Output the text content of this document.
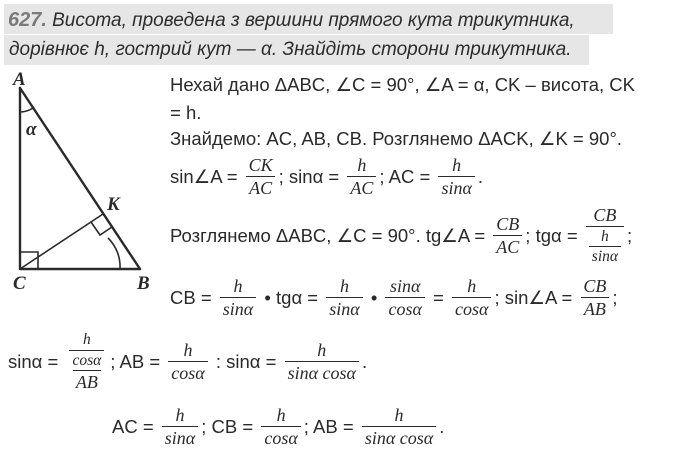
627. Висота, проведена з вершини прямого кута трикутника,
дорівнює h, гострий кут — α. Знайдіть сторони трикутника.
A
α
K
C	B
Нехай дано ΔABC, ∠C = 90°, ∠A = α, CK – висота, CK
= h.
Знайдемо: AC, AB, CB. Розглянемо ΔACK, ∠K = 90°.
sin∠A = $\frac{CK}{AC}$ ; $\sin\alpha = \frac{h}{AC}$ ; AC = $\frac{h}{\sin\alpha}$ .
Розглянемо ΔABC, ∠C = 90°. tg∠A = $\frac{CB}{AC}$ ; $tg\alpha = \frac{CB}{\frac{h}{\sin\alpha}}$ ;
CB = $\frac{h}{\sin\alpha}$ • $tg\alpha = \frac{h}{\sin\alpha}$ • $\frac{\sin\alpha}{\cos\alpha} = \frac{h}{\cos\alpha}$ ; sin∠A = $\frac{CB}{AB}$ ;
$\sin\alpha = \frac{\frac{h}{\cos\alpha}}{AB}$ ; AB = $\frac{h}{\cos\alpha}$ : $\sin\alpha = \frac{h}{\text{sinα cosα}}$ .
AC = $\frac{h}{\sin\alpha}$ ; CB = $\frac{h}{\cos\alpha}$ ; AB = $\frac{h}{\text{sinα cosα}}$ .
